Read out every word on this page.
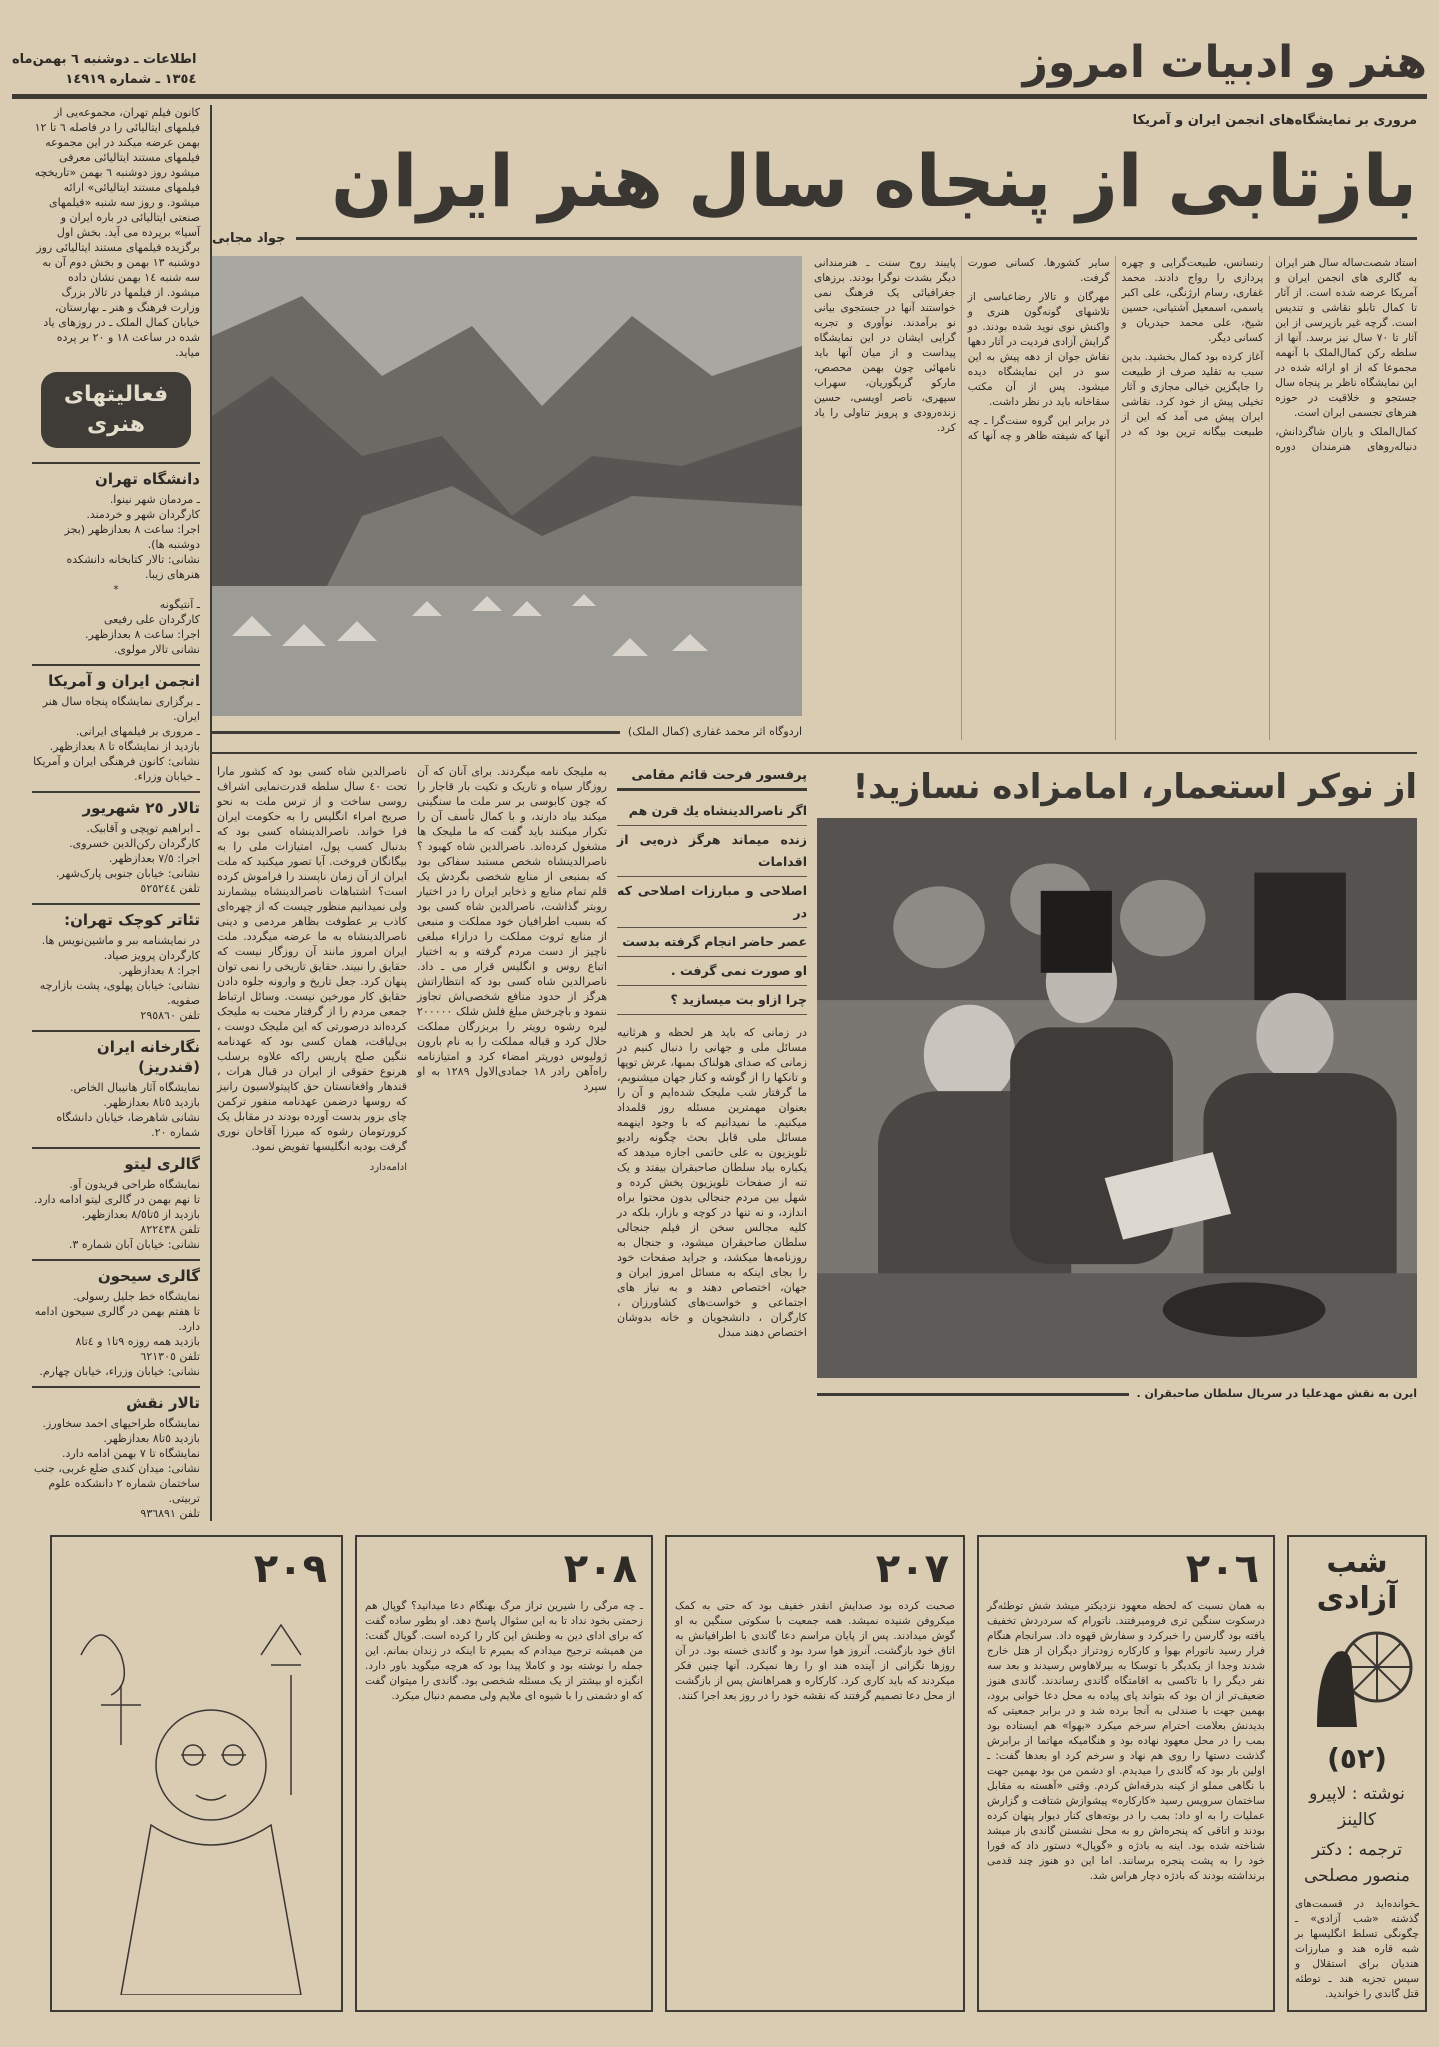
هنر و ادبیات امروز
اطلاعات ـ دوشنبه ٦ بهمن‌ماه
١٣٥٤ ـ شماره ١٤٩١٩
مروری بر نمایشگاه‌های انجمن ایران و آمریکا
بازتابی از پنجاه سال هنر ایران
جواد مجابی

استاد شصت‌ساله سال هنر ایران به گالری های انجمن ایران و آمریکا عرضه شده است. از آثار تا کمال تابلو نقاشی و تندیس است. گرچه غیر بازپرسی از این آثار تا ٧٠ سال نیز برسد. آنها از سلطه رکن کمال‌الملک با آنهمه مجموعا که از او ارائه شده در این نمایشگاه ناظر بر پنجاه سال جستجو و خلاقیت در حوزه هنرهای تجسمی ایران است.

کمال‌الملک و یاران شاگردانش، دنباله‌روهای هنرمندان دوره رنسانس، طبیعت‌گرایی و چهره پردازی را رواج دادند. محمد غفاری، رسام ارژنگی، علی اکبر یاسمی، اسمعیل آشتیانی، حسین شیخ، علی محمد حیدریان و کسانی دیگر.

آغاز کرده بود کمال بخشید. بدین سبب به تقلید صرف از طبیعت را جایگزین خیالی مجازی و آثار تخیلی پیش از خود کرد. نقاشی ایران پیش می آمد که این از طبیعت بیگانه ترین بود که در سایر کشورها. کسانی صورت گرفت.

مهرگان و تالار رضاعباسی از تلاشهای گونه‌گون هنری و واکنش نوی نوید شده بودند. دو گرایش آزادی فردیت در آثار دهها نقاش جوان از دهه پیش به این سو در این نمایشگاه دیده میشود. پس از آن مکتب سقاخانه باید در نظر داشت.

در برابر این گروه سنت‌گرا ـ چه آنها که شیفته ظاهر و چه آنها که پایبند روح سنت ـ هنرمندانی دیگر بشدت نوگرا بودند. برزهای جغرافیائی یک فرهنگ نمی خواستند آنها در جستجوی بیانی نو برآمدند. نوآوری و تجربه گرایی ایشان در این نمایشگاه پیداست و از میان آنها باید نامهائی چون بهمن محصص، مارکو گریگوریان، سهراب سپهری، ناصر اویسی، حسین زنده‌رودی و پرویز تناولی را یاد کرد.

اردوگاه اثر محمد غفاری (کمال الملک)
از نوکر استعمار، امامزاده نسازید!
ایرن به نقش مهدعلیا در سریال سلطان صاحبقران .
پرفسور فرحت قائم مقامی
اگر ناصرالدینشاه یك قرن هم
زنده میماند هرگز ذره‌یی از اقدامات
اصلاحی و مبارزات اصلاحی که در
عصر حاضر انجام گرفته بدست
او صورت نمی گرفت .
چرا ازاو بت میسازید ؟
در زمانی که باید هر لحظه و هرثانیه مسائل ملی و جهانی را دنبال کنیم در زمانی که صدای هولناک بمبها، غرش توپها و تانکها را از گوشه و کنار جهان میشنویم، ما گرفتار شب ملیجک شده‌ایم و آن را بعنوان مهمترین مسئله روز قلمداد میکنیم. ما نمیدانیم که با وجود اینهمه مسائل ملی قابل بحث چگونه رادیو تلویزیون به علی حاتمی اجازه میدهد که یکباره بیاد سلطان صاحبقران بیفتد و یک تنه از صفحات تلویزیون پخش کرده و شهل بین مردم جنجالی بدون محتوا براه اندازد، و نه تنها در کوچه و بازار، بلکه در کلیه مجالس سخن از فیلم جنجالی سلطان صاحبقران میشود، و جنجال به روزنامه‌ها میکشد، و جراید صفحات خود را بجای اینکه به مسائل امروز ایران و جهان، اختصاص دهند و به نیاز های اجتماعی و خواست‌های کشاورزان ، کارگران ، دانشجویان و خانه بدوشان اختصاص دهند مبدل
به ملیجک نامه میگردند. برای آنان که آن روزگار سیاه و تاریک و تکیت بار قاجار را که چون کابوسی بر سر ملت ما سنگینی میکند بیاد دارند، و با کمال تأسف آن را تکرار میکنند باید گفت که ما ملیجک ها مشغول کرده‌اند. ناصرالدین شاه کهبود ؟ ناصرالدینشاه شخص مستبد سفاکی بود که بمنبعی از منابع شخصی بگردش یک قلم تمام منابع و ذخایر ایران را در اختیار روبتر گذاشت، ناصرالدین شاه کسی بود که بسبب اطرافیان خود مملکت و منبعی از منابع ثروت مملکت را درازاء مبلغی ناچیز از دست مردم گرفته و به اختیار اتباع روس و انگلیس قرار می ـ داد. ناصرالدین شاه کسی بود که انتظاراتش هرگز از حدود منافع شخصی‌اش تجاوز ننمود و باچرخش مبلغ فلش شلک ٢٠٠٠٠٠ لیره رشوه رویتر را بربزرگان مملکت حلال کرد و قباله مملکت را به نام بارون ژولیوس دورپتر امضاء کرد و امتیازنامه راه‌آهن رادر ١٨ جمادی‌الاول ١٢٨٩ به او سپرد
ناصرالدین شاه کسی بود که کشور مارا تحت ٤٠ سال سلطه قدرت‌نمایی اشراف روسی ساخت و از ترس ملت به نحو صریح امراء انگلیس را به حکومت ایران فرا خواند. ناصرالدینشاه کسی بود که بدنبال کسب پول، امتیازات ملی را به بیگانگان فروخت. آیا تصور میکنید که ملت ایران از آن زمان ناپسند را فراموش کرده است؟ اشتباهات ناصرالدینشاه بیشمارند ولی نمیدانیم منظور چیست که از چهره‌ای کاذب بر عطوفت بظاهر مردمی و دینی ناصرالدینشاه به ما عرضه میگردد. ملت ایران امروز مانند آن روزگار نیست که حقایق را نبیند. حقایق تاریخی را نمی توان پنهان کرد. جعل تاریخ و وارونه جلوه دادن حقایق کار مورخین نیست. وسائل ارتباط جمعی مردم را از گرفتار محبت به ملیجک کرده‌اند درصورتی که این ملیجک دوست ، بی‌لیاقت، همان کسی بود که عهدنامه ننگین صلح پاریس راکه علاوه برسلب هرنوع حقوقی از ایران در قبال هرات ، قندهار وافغانستان حق کاپیتولاسیون رانیز که روسها درضمن عهدنامه منفور ترکمن چای بزور بدست آورده بودند در مقابل یک کرورتومان رشوه که میرزا آقاخان نوری گرفت بودبه انگلیسها تفویض نمود.
ادامه‌دارد

کانون فیلم تهران، مجموعه‌یی از فیلمهای ایتالیائی را در فاصله ٦ تا ١٢ بهمن عرضه میکند در این مجموعه فیلمهای مستند ایتالیائی معرفی میشود روز دوشنبه ٦ بهمن «تاریخچه فیلمهای مستند ایتالیائی» ارائه میشود. و روز سه شنبه «فیلمهای صنعتی ایتالیائی در باره ایران و آسیا» برپرده می آید. بخش اول برگزیده فیلمهای مستند ایتالیائی روز دوشنبه ١٣ بهمن و بخش دوم آن به سه شنبه ١٤ بهمن نشان داده میشود. از فیلمها در تالار بزرگ وزارت فرهنگ و هنر ـ بهارستان، خیابان کمال الملک ـ در روزهای یاد شده در ساعت ١٨ و ٢٠ بر پرده میاید.

فعالیتهای هنری
دانشگاه تهران
ـ مردمان شهر نینوا.
کارگردان شهر و خردمند.
اجرا: ساعت ٨ بعدازظهر (بجز دوشنبه ها).
نشانی: تالار کتابخانه دانشکده هنرهای زیبا.
*
ـ آنتیگونه
کارگردان علی رفیعی
اجرا: ساعت ٨ بعدازظهر.
نشانی تالار مولوی.
انجمن ایران و آمریکا
ـ برگزاری نمایشگاه پنجاه سال هنر ایران.
ـ مروری بر فیلمهای ایرانی.
بازدید از نمایشگاه تا ٨ بعدازظهر.
نشانی: کانون فرهنگی ایران و آمریکا ـ خیابان وزراء.
تالار ٢٥ شهریور
ـ ابراهیم توپچی و آقابیک.
کارگردان رکن‌الدین خسروی.
اجرا: ٧/٥ بعدازظهر.
نشانی: خیابان جنوبی پارک‌شهر.
تلفن ٥٢٥٢٤٤
تئاتر کوچک تهران:
در نمایشنامه ببر و ماشین‌نویس ها.
کارگردان پرویز صیاد.
اجرا: ٨ بعدازظهر.
نشانی: خیابان پهلوی، پشت بازارچه صفویه.
تلفن ٢٩٥٨٦٠
نگارخانه ایران (قندریز)
نمایشگاه آثار هانیبال الخاص.
بازدید ٥تا٨ بعدازظهر.
نشانی شاهرضا، خیابان دانشگاه شماره ٢٠.
گالری لیتو
نمایشگاه طراحی فریدون آو.
تا نهم بهمن در گالری لیتو ادامه دارد.
بازدید از ٥تا٨/٥ بعدازظهر.
تلفن ٨٢٢٤٣٨
نشانی: خیابان آبان شماره ٣.
گالری سیحون
نمایشگاه خط جلیل رسولی.
تا هفتم بهمن در گالری سیحون ادامه دارد.
بازدید همه روزه ٩تا١ و ٤تا٨
تلفن ٦٢١٣٠٥
نشانی: خیابان وزراء، خیابان چهارم.
تالار نقش
نمایشگاه طراحیهای احمد سخاورز.
بازدید ٥تا٨ بعدازظهر.
نمایشگاه تا ٧ بهمن ادامه دارد.
نشانی: میدان کندی ضلع غربی، جنب ساختمان شماره ٢ دانشکده علوم تربیتی.
تلفن ٩٣٦٨٩١
شب آزادی
(٥٢)
نوشته : لاپیرو کالینز
ترجمه : دکتر منصور مصلحی
ـخوانده‌اید در قسمت‌های گذشته «شب آزادی» ـ چگونگی تسلط انگلیسها بر شبه قاره هند و مبارزات هندیان برای استقلال و سپس تجزیه هند ـ توطئه قتل گاندی را خواندید.
٢٠٦
به همان نسبت که لحظه معهود نزدیکتر میشد شش توطئه‌گر درسکوت سنگین تری فرومیرفتند. ناتورام که سردردش تخفیف یافته بود گارسن را خبرکرد و سفارش قهوه داد. سرانجام هنگام فرار رسید ناتورام بهوا و کارکاره زودتراز دیگران از هتل خارج شدند وجدا از یکدیگر با توسکا به بیرلاهاوس رسیدند و بعد سه نفر دیگر را با تاکسی به اقامتگاه گاندی رساندند. گاندی هنوز ضعیف‌تر از ان بود که بتواند پای پیاده به محل دعا خوانی برود، بهمین جهت با صندلی به آنجا برده شد و در برابر جمعیتی که بدیدنش بعلامت احترام سرخم میکرد «بهوا» هم ایستاده بود بمب را در محل معهود نهاده بود و هنگامیکه مهاتما از برابرش گذشت دستها را روی هم نهاد و سرخم کرد او بعدها گفت: ـ اولین بار بود که گاندی را میدیدم. او دشمن من بود بهمین جهت با نگاهی مملو از کینه بدرقه‌اش کردم. وقتی «آهسته به مقابل ساختمان سرویس رسید «کارکاره» پیشوازش شتافت و گزارش عملیات را به او داد: بمب را در بوته‌های کنار دیوار پنهان کرده بودند و اتاقی که پنجره‌اش رو به محل نشستن گاندی باز میشد شناخته شده بود. اینه به بادژه و «گوپال» دستور داد که فورا خود را به پشت پنجره برسانند. اما این دو هنوز چند قدمی برنداشته بودند که بادژه دچار هراس شد.
٢٠٧
صحبت کرده بود صدایش انقدر خفیف بود که حتی به کمک میکروفن شنیده نمیشد. همه جمعیت با سکوتی سنگین به او گوش میدادند. پس از پایان مراسم دعا گاندی با اطرافیانش به اتاق خود بازگشت. آنروز هوا سرد بود و گاندی خسته بود. در آن روزها نگرانی از آینده هند او را رها نمیکرد. آنها چنین فکر میکردند که باید کاری کرد. کارکاره و همراهانش پس از بازگشت از محل دعا تصمیم گرفتند که نقشه خود را در روز بعد اجرا کنند.
٢٠٨
ـ چه مرگی را شیرین تراز مرگ بهنگام دعا میدانید؟ گوپال هم زحمتی بخود نداد تا به این سئوال پاسخ دهد. او بطور ساده گفت که برای ادای دین به وطنش این کار را کرده است. گوپال گفت: من همیشه ترجیح میدادم که بمیرم تا اینکه در زندان بمانم. این جمله را نوشته بود و کاملا پیدا بود که هرچه میگوید باور دارد. انگیزه او بیشتر از یک مسئله شخصی بود. گاندی را میتوان گفت که او دشمنی را با شیوه ای ملایم ولی مصمم دنبال میکرد.
٢٠٩
